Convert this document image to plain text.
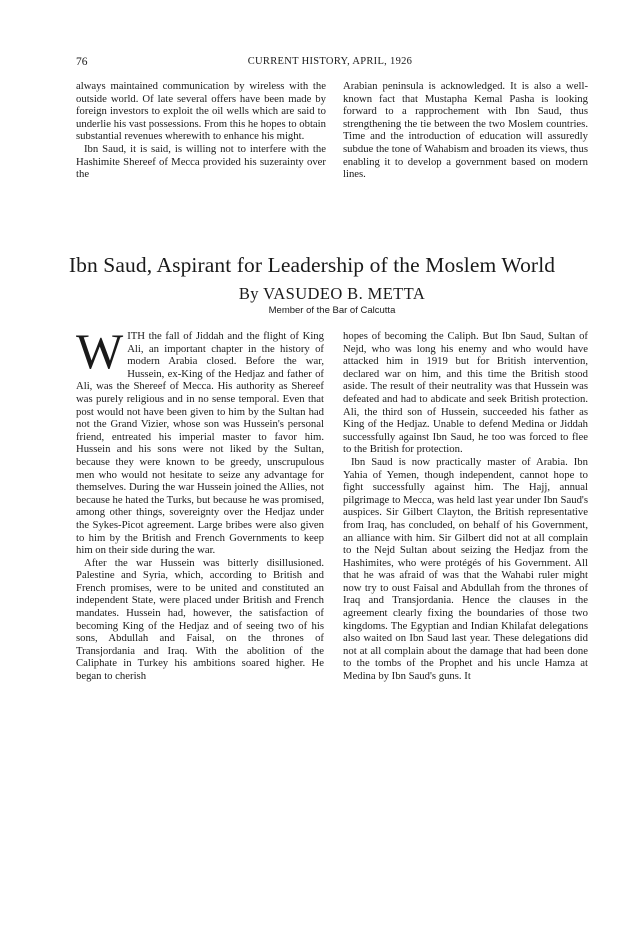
76	CURRENT HISTORY, APRIL, 1926

always maintained communication by wireless with the outside world. Of late several offers have been made by foreign investors to exploit the oil wells which are said to underlie his vast possessions. From this he hopes to obtain substantial revenues wherewith to enhance his might.

Ibn Saud, it is said, is willing not to interfere with the Hashimite Shereef of Mecca provided his suzerainty over the

Arabian peninsula is acknowledged. It is also a well-known fact that Mustapha Kemal Pasha is looking forward to a rapprochement with Ibn Saud, thus strengthening the tie between the two Moslem countries. Time and the introduction of education will assuredly subdue the tone of Wahabism and broaden its views, thus enabling it to develop a government based on modern lines.

Ibn Saud, Aspirant for Leadership of the Moslem World
By VASUDEO B. METTA
Member of the Bar of Calcutta

WITH the fall of Jiddah and the flight of King Ali, an important chapter in the history of modern Arabia closed. Before the war, Hussein, ex-King of the Hedjaz and father of Ali, was the Shereef of Mecca. His authority as Shereef was purely religious and in no sense temporal. Even that post would not have been given to him by the Sultan had not the Grand Vizier, whose son was Hussein's personal friend, entreated his imperial master to favor him. Hussein and his sons were not liked by the Sultan, because they were known to be greedy, unscrupulous men who would not hesitate to seize any advantage for themselves. During the war Hussein joined the Allies, not because he hated the Turks, but because he was promised, among other things, sovereignty over the Hedjaz under the Sykes-Picot agreement. Large bribes were also given to him by the British and French Governments to keep him on their side during the war.

After the war Hussein was bitterly disillusioned. Palestine and Syria, which, according to British and French promises, were to be united and constituted an independent State, were placed under British and French mandates. Hussein had, however, the satisfaction of becoming King of the Hedjaz and of seeing two of his sons, Abdullah and Faisal, on the thrones of Transjordania and Iraq. With the abolition of the Caliphate in Turkey his ambitions soared higher. He began to cherish

hopes of becoming the Caliph. But Ibn Saud, Sultan of Nejd, who was long his enemy and who would have attacked him in 1919 but for British intervention, declared war on him, and this time the British stood aside. The result of their neutrality was that Hussein was defeated and had to abdicate and seek British protection. Ali, the third son of Hussein, succeeded his father as King of the Hedjaz. Unable to defend Medina or Jiddah successfully against Ibn Saud, he too was forced to flee to the British for protection.

Ibn Saud is now practically master of Arabia. Ibn Yahia of Yemen, though independent, cannot hope to fight successfully against him. The Hajj, annual pilgrimage to Mecca, was held last year under Ibn Saud's auspices. Sir Gilbert Clayton, the British representative from Iraq, has concluded, on behalf of his Government, an alliance with him. Sir Gilbert did not at all complain to the Nejd Sultan about seizing the Hedjaz from the Hashimites, who were protégés of his Government. All that he was afraid of was that the Wahabi ruler might now try to oust Faisal and Abdullah from the thrones of Iraq and Transjordania. Hence the clauses in the agreement clearly fixing the boundaries of those two kingdoms. The Egyptian and Indian Khilafat delegations also waited on Ibn Saud last year. These delegations did not at all complain about the damage that had been done to the tombs of the Prophet and his uncle Hamza at Medina by Ibn Saud's guns. It
